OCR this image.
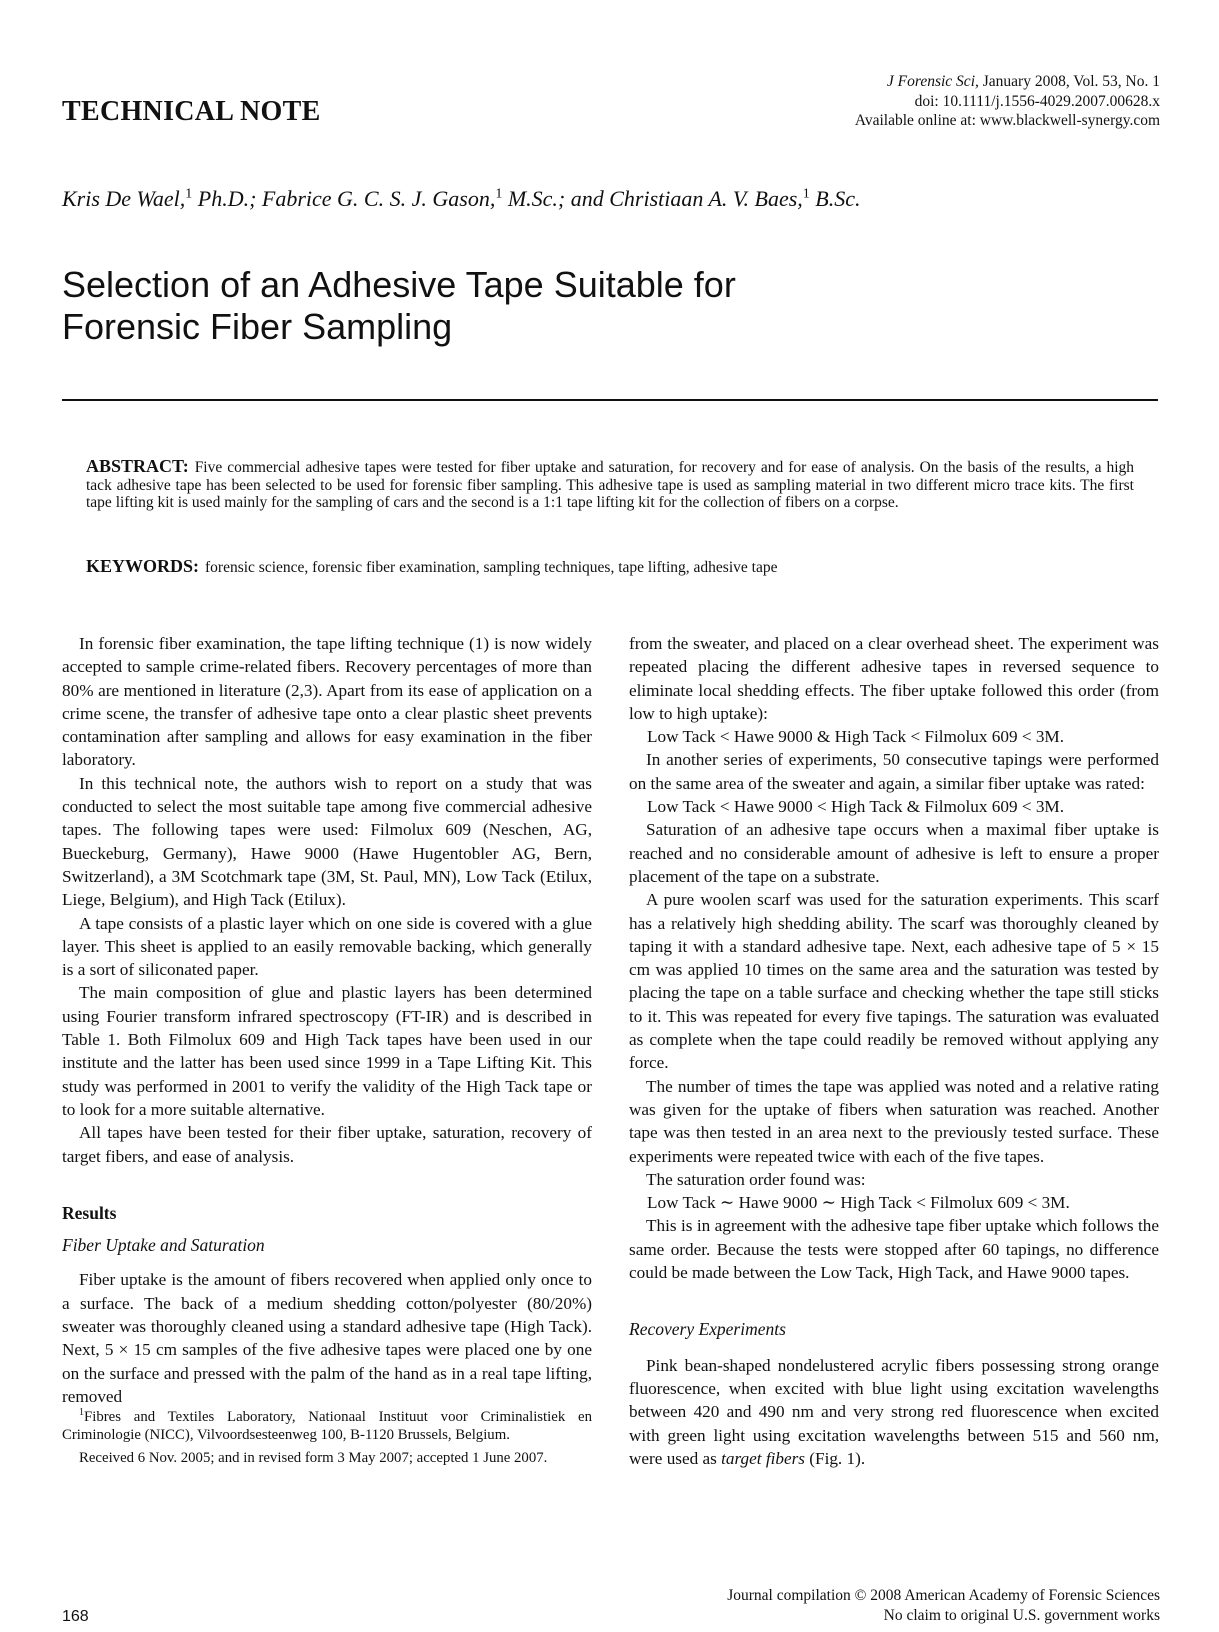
TECHNICAL NOTE
J Forensic Sci, January 2008, Vol. 53, No. 1
doi: 10.1111/j.1556-4029.2007.00628.x
Available online at: www.blackwell-synergy.com
Kris De Wael,$^1$ Ph.D.; Fabrice G. C. S. J. Gason,$^1$ M.Sc.; and Christiaan A. V. Baes,$^1$ B.Sc.
Selection of an Adhesive Tape Suitable for
Forensic Fiber Sampling
ABSTRACT: Five commercial adhesive tapes were tested for fiber uptake and saturation, for recovery and for ease of analysis. On the basis of the results, a high tack adhesive tape has been selected to be used for forensic fiber sampling. This adhesive tape is used as sampling material in two different micro trace kits. The first tape lifting kit is used mainly for the sampling of cars and the second is a 1:1 tape lifting kit for the collection of fibers on a corpse.
KEYWORDS: forensic science, forensic fiber examination, sampling techniques, tape lifting, adhesive tape

In forensic fiber examination, the tape lifting technique (1) is now widely accepted to sample crime-related fibers. Recovery percentages of more than 80% are mentioned in literature (2,3). Apart from its ease of application on a crime scene, the transfer of adhesive tape onto a clear plastic sheet prevents contamination after sampling and allows for easy examination in the fiber laboratory.

In this technical note, the authors wish to report on a study that was conducted to select the most suitable tape among five commercial adhesive tapes. The following tapes were used: Filmolux 609 (Neschen, AG, Bueckeburg, Germany), Hawe 9000 (Hawe Hugentobler AG, Bern, Switzerland), a 3M Scotchmark tape (3M, St. Paul, MN), Low Tack (Etilux, Liege, Belgium), and High Tack (Etilux).

A tape consists of a plastic layer which on one side is covered with a glue layer. This sheet is applied to an easily removable backing, which generally is a sort of siliconated paper.

The main composition of glue and plastic layers has been determined using Fourier transform infrared spectroscopy (FT-IR) and is described in Table 1. Both Filmolux 609 and High Tack tapes have been used in our institute and the latter has been used since 1999 in a Tape Lifting Kit. This study was performed in 2001 to verify the validity of the High Tack tape or to look for a more suitable alternative.

All tapes have been tested for their fiber uptake, saturation, recovery of target fibers, and ease of analysis.

Results
Fiber Uptake and Saturation

Fiber uptake is the amount of fibers recovered when applied only once to a surface. The back of a medium shedding cotton/polyester (80/20%) sweater was thoroughly cleaned using a standard adhesive tape (High Tack). Next, 5 × 15 cm samples of the five adhesive tapes were placed one by one on the surface and pressed with the palm of the hand as in a real tape lifting, removed

$^1$Fibres and Textiles Laboratory, Nationaal Instituut voor Criminalistiek en Criminologie (NICC), Vilvoordsesteenweg 100, B-1120 Brussels, Belgium.

Received 6 Nov. 2005; and in revised form 3 May 2007; accepted 1 June 2007.

from the sweater, and placed on a clear overhead sheet. The experiment was repeated placing the different adhesive tapes in reversed sequence to eliminate local shedding effects. The fiber uptake followed this order (from low to high uptake):

Low Tack < Hawe 9000 & High Tack < Filmolux 609 < 3M.

In another series of experiments, 50 consecutive tapings were performed on the same area of the sweater and again, a similar fiber uptake was rated:

Low Tack < Hawe 9000 < High Tack & Filmolux 609 < 3M.

Saturation of an adhesive tape occurs when a maximal fiber uptake is reached and no considerable amount of adhesive is left to ensure a proper placement of the tape on a substrate.

A pure woolen scarf was used for the saturation experiments. This scarf has a relatively high shedding ability. The scarf was thoroughly cleaned by taping it with a standard adhesive tape. Next, each adhesive tape of 5 × 15 cm was applied 10 times on the same area and the saturation was tested by placing the tape on a table surface and checking whether the tape still sticks to it. This was repeated for every five tapings. The saturation was evaluated as complete when the tape could readily be removed without applying any force.

The number of times the tape was applied was noted and a relative rating was given for the uptake of fibers when saturation was reached. Another tape was then tested in an area next to the previously tested surface. These experiments were repeated twice with each of the five tapes.

The saturation order found was:

Low Tack ∼ Hawe 9000 ∼ High Tack < Filmolux 609 < 3M.

This is in agreement with the adhesive tape fiber uptake which follows the same order. Because the tests were stopped after 60 tapings, no difference could be made between the Low Tack, High Tack, and Hawe 9000 tapes.

Recovery Experiments

Pink bean-shaped nondelustered acrylic fibers possessing strong orange fluorescence, when excited with blue light using excitation wavelengths between 420 and 490 nm and very strong red fluorescence when excited with green light using excitation wavelengths between 515 and 560 nm, were used as target fibers (Fig. 1).

168
Journal compilation © 2008 American Academy of Forensic Sciences
No claim to original U.S. government works
